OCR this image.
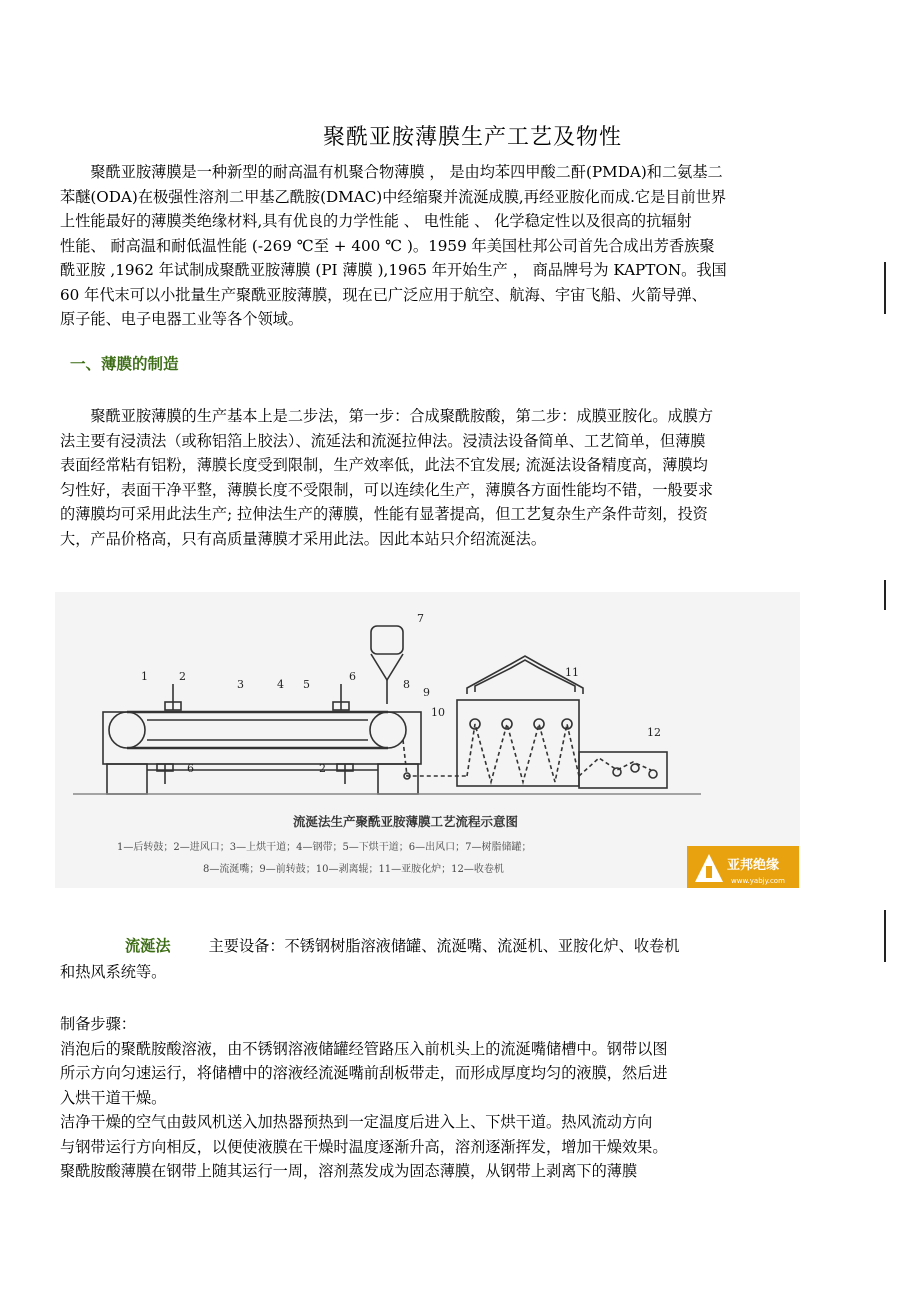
聚酰亚胺薄膜生产工艺及物性
　　聚酰亚胺薄膜是一种新型的耐高温有机聚合物薄膜 ， 是由均苯四甲酸二酐(PMDA)和二氨基二
苯醚(ODA)在极强性溶剂二甲基乙酰胺(DMAC)中经缩聚并流涎成膜,再经亚胺化而成.它是目前世界
上性能最好的薄膜类绝缘材料,具有优良的力学性能 、 电性能 、 化学稳定性以及很高的抗辐射
性能、 耐高温和耐低温性能 (-269 ℃至 + 400 ℃ )。1959 年美国杜邦公司首先合成出芳香族聚
酰亚胺 ,1962 年试制成聚酰亚胺薄膜 (PI 薄膜 ),1965 年开始生产 ， 商品牌号为 KAPTON。我国
60 年代末可以小批量生产聚酰亚胺薄膜，现在已广泛应用于航空、航海、宇宙飞船、火箭导弹、
原子能、电子电器工业等各个领域。
一、薄膜的制造
　　聚酰亚胺薄膜的生产基本上是二步法，第一步：合成聚酰胺酸，第二步：成膜亚胺化。成膜方
法主要有浸渍法（或称铝箔上胶法）、流延法和流涎拉伸法。浸渍法设备简单、工艺简单，但薄膜
表面经常粘有铝粉，薄膜长度受到限制，生产效率低，此法不宜发展; 流涎法设备精度高，薄膜均
匀性好，表面干净平整，薄膜长度不受限制，可以连续化生产，薄膜各方面性能均不错，一般要求
的薄膜均可采用此法生产; 拉伸法生产的薄膜，性能有显著提高，但工艺复杂生产条件苛刻，投资
大，产品价格高，只有高质量薄膜才采用此法。因此本站只介绍流涎法。
1	2
3	4 5
6
7
8
9
10
11
12
6	2
流涎法生产聚酰亚胺薄膜工艺流程示意图
1—后转鼓；2—进风口；3—上烘干道；4—钢带；5—下烘干道；6—出风口；7—树脂储罐；
8—流涎嘴；9—前转鼓；10—剥离辊；11—亚胺化炉；12—收卷机	亚邦绝缘
www.yabjy.com

流涎法	主要设备：不锈钢树脂溶液储罐、流涎嘴、流涎机、亚胺化炉、收卷机

和热风系统等。

制备步骤：
消泡后的聚酰胺酸溶液，由不锈钢溶液储罐经管路压入前机头上的流涎嘴储槽中。钢带以图
所示方向匀速运行，将储槽中的溶液经流涎嘴前刮板带走，而形成厚度均匀的液膜，然后进
入烘干道干燥。
洁净干燥的空气由鼓风机送入加热器预热到一定温度后进入上、下烘干道。热风流动方向
与钢带运行方向相反，以便使液膜在干燥时温度逐渐升高，溶剂逐渐挥发，增加干燥效果。
聚酰胺酸薄膜在钢带上随其运行一周，溶剂蒸发成为固态薄膜，从钢带上剥离下的薄膜
